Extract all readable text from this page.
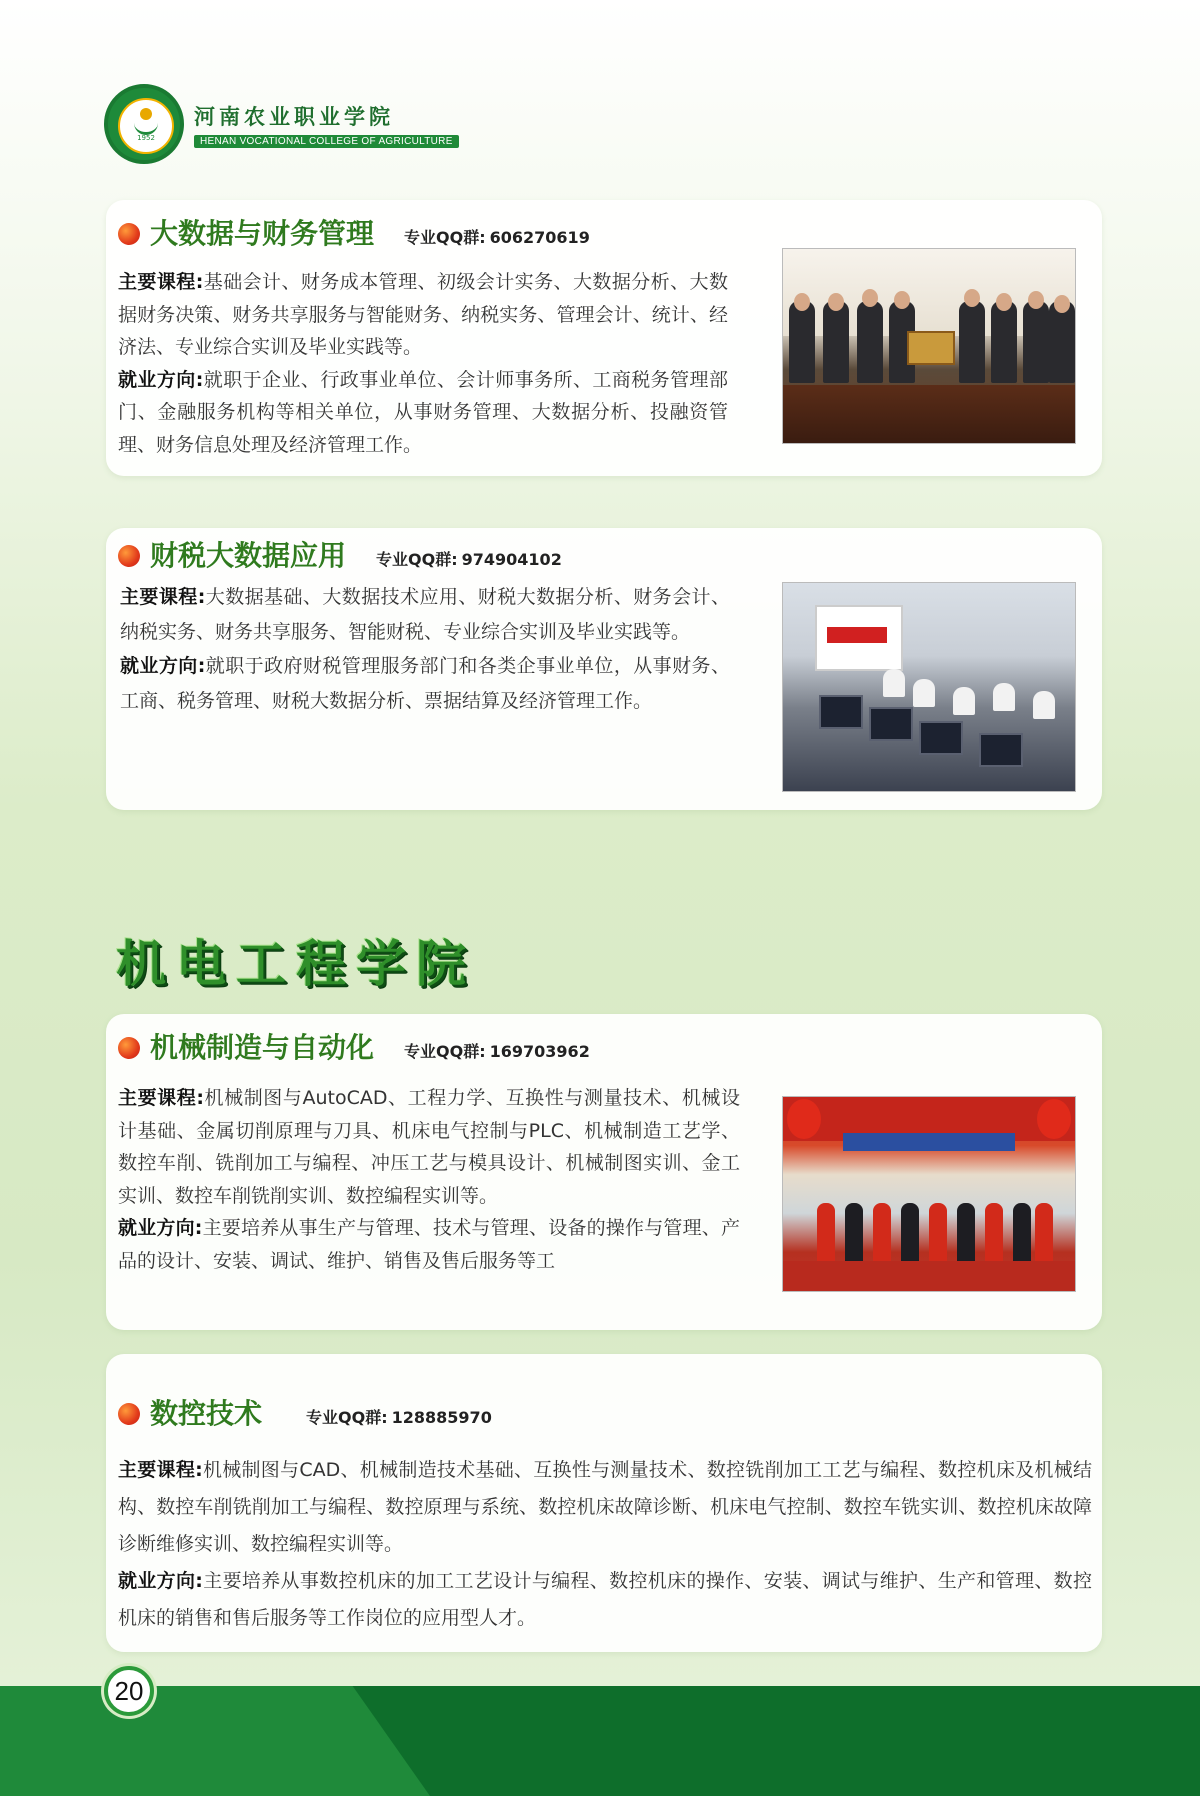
1952
河南农业职业学院
HENAN VOCATIONAL COLLEGE OF AGRICULTURE
大数据与财务管理 专业QQ群: 606270619

主要课程:基础会计、财务成本管理、初级会计实务、大数据分析、大数据财务决策、财务共享服务与智能财务、纳税实务、管理会计、统计、经济法、专业综合实训及毕业实践等。

就业方向:就职于企业、行政事业单位、会计师事务所、工商税务管理部门、金融服务机构等相关单位，从事财务管理、大数据分析、投融资管理、财务信息处理及经济管理工作。

财税大数据应用 专业QQ群: 974904102

主要课程:大数据基础、大数据技术应用、财税大数据分析、财务会计、纳税实务、财务共享服务、智能财税、专业综合实训及毕业实践等。

就业方向:就职于政府财税管理服务部门和各类企事业单位，从事财务、工商、税务管理、财税大数据分析、票据结算及经济管理工作。

机电工程学院
机械制造与自动化 专业QQ群: 169703962

主要课程:机械制图与AutoCAD、工程力学、互换性与测量技术、机械设计基础、金属切削原理与刀具、机床电气控制与PLC、机械制造工艺学、数控车削、铣削加工与编程、冲压工艺与模具设计、机械制图实训、金工实训、数控车削铣削实训、数控编程实训等。

就业方向:主要培养从事生产与管理、技术与管理、设备的操作与管理、产品的设计、安装、调试、维护、销售及售后服务等工

数控技术	专业QQ群: 128885970

主要课程:机械制图与CAD、机械制造技术基础、互换性与测量技术、数控铣削加工工艺与编程、数控机床及机械结构、数控车削铣削加工与编程、数控原理与系统、数控机床故障诊断、机床电气控制、数控车铣实训、数控机床故障诊断维修实训、数控编程实训等。

就业方向:主要培养从事数控机床的加工工艺设计与编程、数控机床的操作、安装、调试与维护、生产和管理、数控机床的销售和售后服务等工作岗位的应用型人才。

20
